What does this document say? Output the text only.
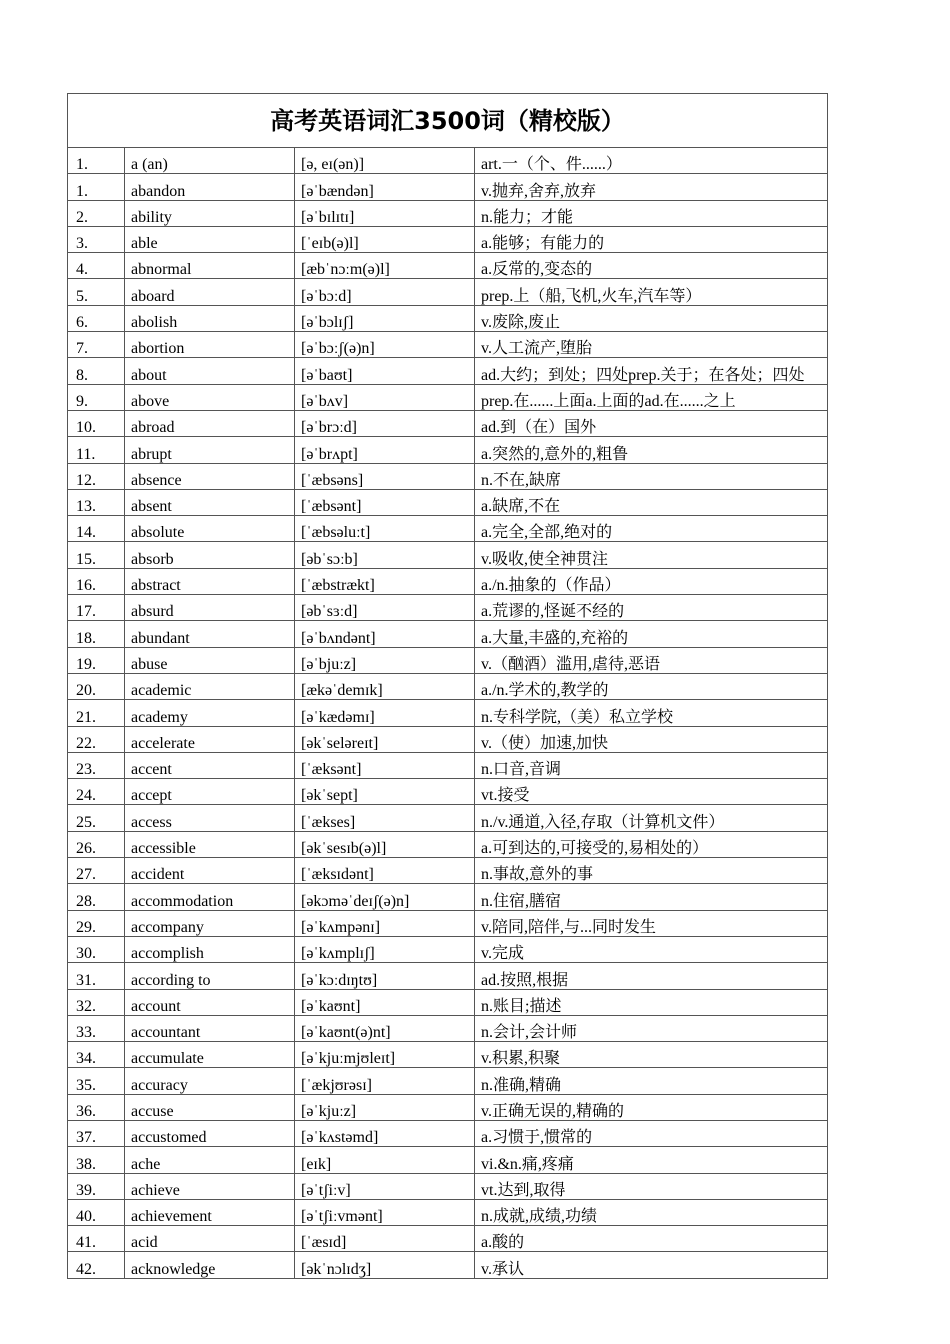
高考英语词汇3500词（精校版）			
1.	a (an)	[ə, eɪ(ən)]	art.一（个、件......）
1.	abandon	[əˈbændən]	v.抛弃,舍弃,放弃
2.	ability	[əˈbɪlɪtɪ]	n.能力；才能
3.	able	[ˈeɪb(ə)l]	a.能够；有能力的
4.	abnormal	[æbˈnɔːm(ə)l]	a.反常的,变态的
5.	aboard	[əˈbɔːd]	prep.上（船,飞机,火车,汽车等）
6.	abolish	[əˈbɔlɪʃ]	v.废除,废止
7.	abortion	[əˈbɔːʃ(ə)n]	v.人工流产,堕胎
8.	about	[əˈbaʊt]	ad.大约；到处；四处prep.关于；在各处；四处
9.	above	[əˈbʌv]	prep.在......上面a.上面的ad.在......之上
10.	abroad	[əˈbrɔːd]	ad.到（在）国外
11.	abrupt	[əˈbrʌpt]	a.突然的,意外的,粗鲁
12.	absence	[ˈæbsəns]	n.不在,缺席
13.	absent	[ˈæbsənt]	a.缺席,不在
14.	absolute	[ˈæbsəluːt]	a.完全,全部,绝对的
15.	absorb	[əbˈsɔːb]	v.吸收,使全神贯注
16.	abstract	[ˈæbstrækt]	a./n.抽象的（作品）
17.	absurd	[əbˈsɜːd]	a.荒谬的,怪诞不经的
18.	abundant	[əˈbʌndənt]	a.大量,丰盛的,充裕的
19.	abuse	[əˈbjuːz]	v.（酗酒）滥用,虐待,恶语
20.	academic	[ækəˈdemɪk]	a./n.学术的,教学的
21.	academy	[əˈkædəmɪ]	n.专科学院,（美）私立学校
22.	accelerate	[əkˈseləreɪt]	v.（使）加速,加快
23.	accent	[ˈæksənt]	n.口音,音调
24.	accept	[əkˈsept]	vt.接受
25.	access	[ˈækses]	n./v.通道,入径,存取（计算机文件）
26.	accessible	[əkˈsesɪb(ə)l]	a.可到达的,可接受的,易相处的）
27.	accident	[ˈæksɪdənt]	n.事故,意外的事
28.	accommodation	[əkɔməˈdeɪʃ(ə)n]	n.住宿,膳宿
29.	accompany	[əˈkʌmpənɪ]	v.陪同,陪伴,与...同时发生
30.	accomplish	[əˈkʌmplɪʃ]	v.完成
31.	according to	[əˈkɔːdɪŋtʊ]	ad.按照,根据
32.	account	[əˈkaʊnt]	n.账目;描述
33.	accountant	[əˈkaʊnt(ə)nt]	n.会计,会计师
34.	accumulate	[əˈkjuːmjʊleɪt]	v.积累,积聚
35.	accuracy	[ˈækjʊrəsɪ]	n.准确,精确
36.	accuse	[əˈkjuːz]	v.正确无误的,精确的
37.	accustomed	[əˈkʌstəmd]	a.习惯于,惯常的
38.	ache	[eɪk]	vi.&n.痛,疼痛
39.	achieve	[əˈtʃiːv]	vt.达到,取得
40.	achievement	[əˈtʃiːvmənt]	n.成就,成绩,功绩
41.	acid	[ˈæsɪd]	a.酸的
42.	acknowledge	[əkˈnɔlɪdʒ]	v.承认
